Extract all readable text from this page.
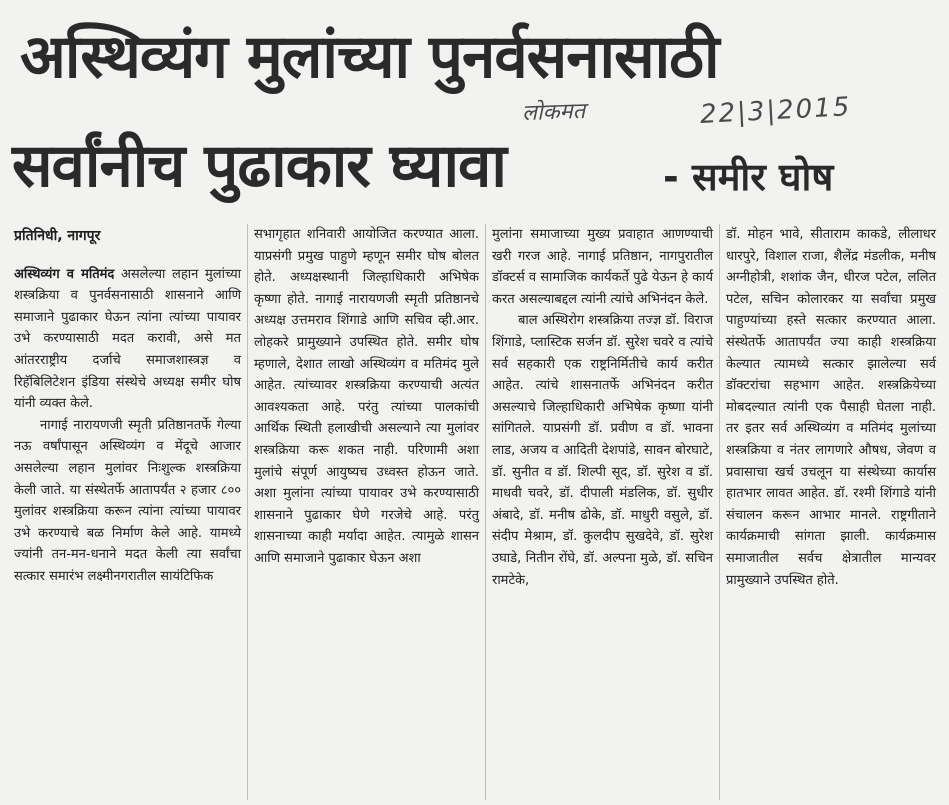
अस्थिव्यंग मुलांच्या पुनर्वसनासाठी
लोकमत	22|3|2015
सर्वांनीच पुढाकार घ्यावा	- समीर घोष
प्रतिनिधी, नागपूर

अस्थिव्यंग व मतिमंद असलेल्या लहान मुलांच्या शस्त्रक्रिया व पुनर्वसनासाठी शासनाने आणि समाजाने पुढाकार घेऊन त्यांना त्यांच्या पायावर उभे करण्यासाठी मदत करावी, असे मत आंतरराष्ट्रीय दर्जाचे समाजशास्त्रज्ञ व रिहॅबिलिटेशन इंडिया संस्थेचे अध्यक्ष समीर घोष यांनी व्यक्त केले.

नागाई नारायणजी स्मृती प्रतिष्ठानतर्फे गेल्या नऊ वर्षांपासून अस्थिव्यंग व मेंदूचे आजार असलेल्या लहान मुलांवर निःशुल्क शस्त्रक्रिया केली जाते. या संस्थेतर्फे आतापर्यंत २ हजार ८०० मुलांवर शस्त्रक्रिया करून त्यांना त्यांच्या पायावर उभे करण्याचे बळ निर्माण केले आहे. यामध्ये ज्यांनी तन-मन-धनाने मदत केली त्या सर्वांचा सत्कार समारंभ लक्ष्मीनगरातील सायंटिफिक

सभागृहात शनिवारी आयोजित करण्यात आला. याप्रसंगी प्रमुख पाहुणे म्हणून समीर घोष बोलत होते. अध्यक्षस्थानी जिल्हाधिकारी अभिषेक कृष्णा होते. नागाई नारायणजी स्मृती प्रतिष्ठानचे अध्यक्ष उत्तमराव शिंगाडे आणि सचिव व्ही.आर. लोहकरे प्रामुख्याने उपस्थित होते. समीर घोष म्हणाले, देशात लाखो अस्थिव्यंग व मतिमंद मुले आहेत. त्यांच्यावर शस्त्रक्रिया करण्याची अत्यंत आवश्यकता आहे. परंतु त्यांच्या पालकांची आर्थिक स्थिती हलाखीची असल्याने त्या मुलांवर शस्त्रक्रिया करू शकत नाही. परिणामी अशा मुलांचे संपूर्ण आयुष्यच उध्वस्त होऊन जाते. अशा मुलांना त्यांच्या पायावर उभे करण्यासाठी शासनाने पुढाकार घेणे गरजेचे आहे. परंतु शासनाच्या काही मर्यादा आहेत. त्यामुळे शासन आणि समाजाने पुढाकार घेऊन अशा

मुलांना समाजाच्या मुख्य प्रवाहात आणण्याची खरी गरज आहे. नागाई प्रतिष्ठान, नागपुरातील डॉक्टर्स व सामाजिक कार्यकर्ते पुढे येऊन हे कार्य करत असल्याबद्दल त्यांनी त्यांचे अभिनंदन केले.

बाल अस्थिरोग शस्त्रक्रिया तज्ज्ञ डॉ. विराज शिंगाडे, प्लास्टिक सर्जन डॉ. सुरेश चवरे व त्यांचे सर्व सहकारी एक राष्ट्रनिर्मितीचे कार्य करीत आहेत. त्यांचे शासनातर्फे अभिनंदन करीत असल्याचे जिल्हाधिकारी अभिषेक कृष्णा यांनी सांगितले. याप्रसंगी डॉ. प्रवीण व डॉ. भावना लाड, अजय व आदिती देशपांडे, सावन बोरघाटे, डॉ. सुनीत व डॉ. शिल्पी सूद, डॉ. सुरेश व डॉ. माधवी चवरे, डॉ. दीपाली मंडलिक, डॉ. सुधीर अंबादे, डॉ. मनीष ढोके, डॉ. माधुरी वसुले, डॉ. संदीप मेश्राम, डॉ. कुलदीप सुखदेवे, डॉ. सुरेश उघाडे, नितीन रोंघे, डॉ. अल्पना मुळे, डॉ. सचिन रामटेके,

डॉ. मोहन भावे, सीताराम काकडे, लीलाधर धारपुरे, विशाल राजा, शैलेंद्र मंडलीक, मनीष अग्नीहोत्री, शशांक जैन, धीरज पटेल, ललित पटेल, सचिन कोलारकर या सर्वांचा प्रमुख पाहुण्यांच्या हस्ते सत्कार करण्यात आला. संस्थेतर्फे आतापर्यंत ज्या काही शस्त्रक्रिया केल्यात त्यामध्ये सत्कार झालेल्या सर्व डॉक्टरांचा सहभाग आहेत. शस्त्रक्रियेच्या मोबदल्यात त्यांनी एक पैसाही घेतला नाही. तर इतर सर्व अस्थिव्यंग व मतिमंद मुलांच्या शस्त्रक्रिया व नंतर लागणारे औषध, जेवण व प्रवासाचा खर्च उचलून या संस्थेच्या कार्यास हातभार लावत आहेत. डॉ. रश्मी शिंगाडे यांनी संचालन करून आभार मानले. राष्ट्रगीताने कार्यक्रमाची सांगता झाली. कार्यक्रमास समाजातील सर्वच क्षेत्रातील मान्यवर प्रामुख्याने उपस्थित होते.
